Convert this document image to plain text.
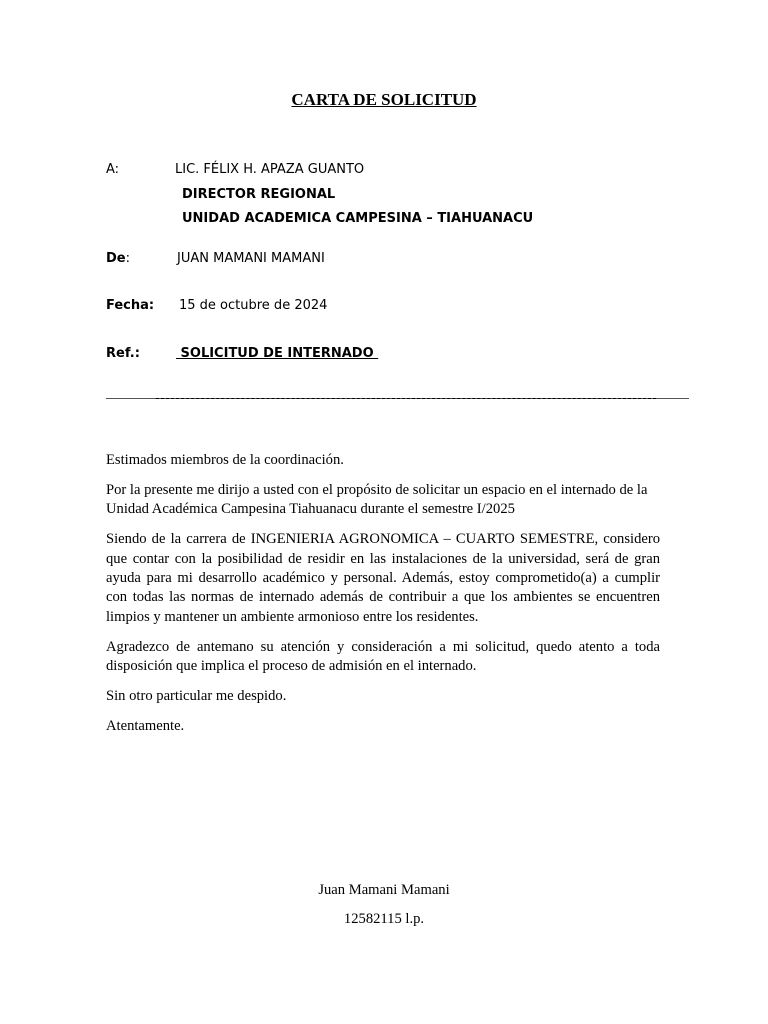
CARTA DE SOLICITUD
A:	LIC. FÉLIX H. APAZA GUANTO
DIRECTOR REGIONAL
UNIDAD ACADEMICA CAMPESINA – TIAHUANACU
De:	JUAN MAMANI MAMANI
Fecha: 15 de octubre de 2024
Ref.:	SOLICITUD DE INTERNADO

Estimados miembros de la coordinación.

Por la presente me dirijo a usted con el propósito de solicitar un espacio en el internado de la Unidad Académica Campesina Tiahuanacu durante el semestre I/2025

Siendo de la carrera de INGENIERIA AGRONOMICA – CUARTO SEMESTRE, considero que contar con la posibilidad de residir en las instalaciones de la universidad, será de gran ayuda para mi desarrollo académico y personal. Además, estoy comprometido(a) a cumplir con todas las normas de internado además de contribuir a que los ambientes se encuentren limpios y mantener un ambiente armonioso entre los residentes.

Agradezco de antemano su atención y consideración a mi solicitud, quedo atento a toda disposición que implica el proceso de admisión en el internado.

Sin otro particular me despido.

Atentamente.

Juan Mamani Mamani
12582115 l.p.
